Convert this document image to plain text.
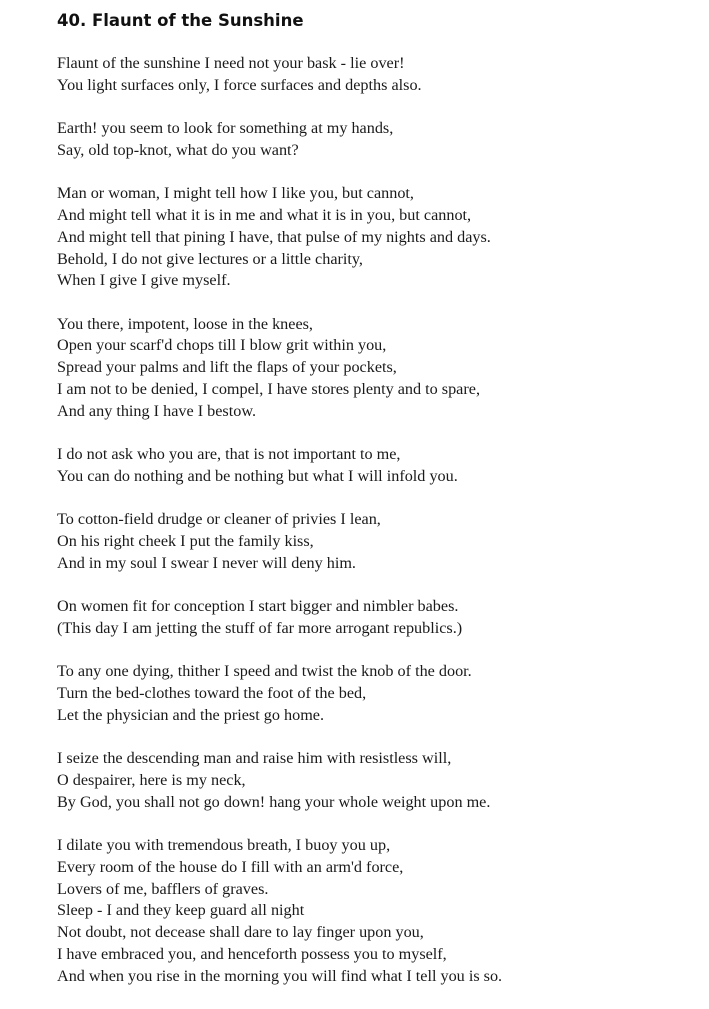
40. Flaunt of the Sunshine
Flaunt of the sunshine I need not your bask - lie over!
You light surfaces only, I force surfaces and depths also.
Earth! you seem to look for something at my hands,
Say, old top-knot, what do you want?
Man or woman, I might tell how I like you, but cannot,
And might tell what it is in me and what it is in you, but cannot,
And might tell that pining I have, that pulse of my nights and days.
Behold, I do not give lectures or a little charity,
When I give I give myself.
You there, impotent, loose in the knees,
Open your scarf'd chops till I blow grit within you,
Spread your palms and lift the flaps of your pockets,
I am not to be denied, I compel, I have stores plenty and to spare,
And any thing I have I bestow.
I do not ask who you are, that is not important to me,
You can do nothing and be nothing but what I will infold you.
To cotton-field drudge or cleaner of privies I lean,
On his right cheek I put the family kiss,
And in my soul I swear I never will deny him.
On women fit for conception I start bigger and nimbler babes.
(This day I am jetting the stuff of far more arrogant republics.)
To any one dying, thither I speed and twist the knob of the door.
Turn the bed-clothes toward the foot of the bed,
Let the physician and the priest go home.
I seize the descending man and raise him with resistless will,
O despairer, here is my neck,
By God, you shall not go down! hang your whole weight upon me.
I dilate you with tremendous breath, I buoy you up,
Every room of the house do I fill with an arm'd force,
Lovers of me, bafflers of graves.
Sleep - I and they keep guard all night
Not doubt, not decease shall dare to lay finger upon you,
I have embraced you, and henceforth possess you to myself,
And when you rise in the morning you will find what I tell you is so.
